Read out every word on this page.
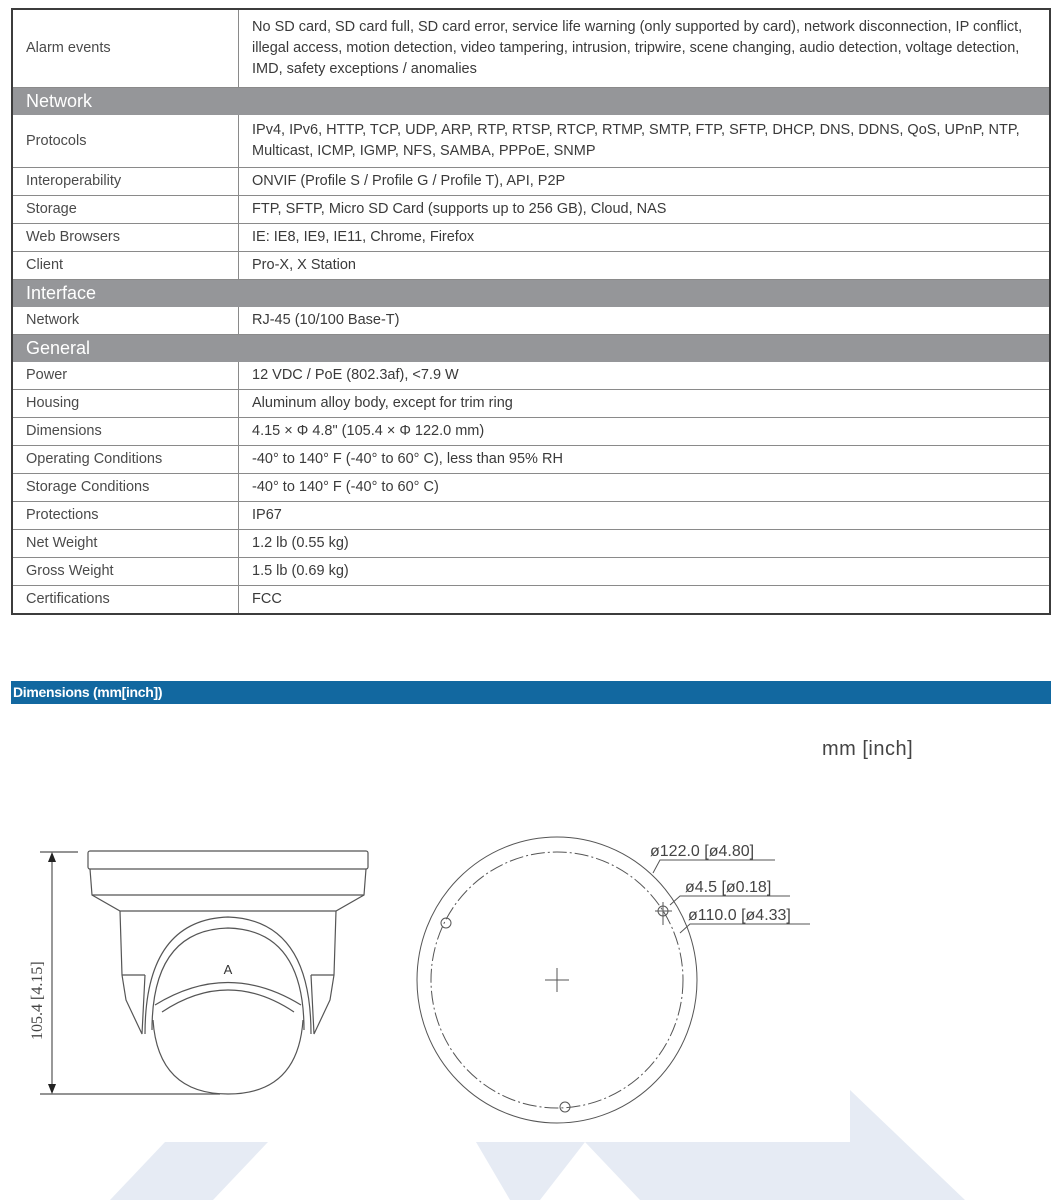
Alarm events	No SD card, SD card full, SD card error, service life warning (only supported by card), network disconnection, IP conflict, illegal access, motion detection, video tampering, intrusion, tripwire, scene changing, audio detection, voltage detection, IMD, safety exceptions / anomalies
Network	
Protocols	IPv4, IPv6, HTTP, TCP, UDP, ARP, RTP, RTSP, RTCP, RTMP, SMTP, FTP, SFTP, DHCP, DNS, DDNS, QoS, UPnP, NTP, Multicast, ICMP, IGMP, NFS, SAMBA, PPPoE, SNMP
Interoperability	ONVIF (Profile S / Profile G / Profile T), API, P2P
Storage	FTP, SFTP, Micro SD Card (supports up to 256 GB), Cloud, NAS
Web Browsers	IE: IE8, IE9, IE11, Chrome, Firefox
Client	Pro-X, X Station
Interface	
Network	RJ-45 (10/100 Base-T)
General	
Power	12 VDC / PoE (802.3af), <7.9 W
Housing	Aluminum alloy body, except for trim ring
Dimensions	4.15 × Φ 4.8" (105.4 × Φ 122.0 mm)
Operating Conditions	-40° to 140° F (-40° to 60° C), less than 95% RH
Storage Conditions	-40° to 140° F (-40° to 60° C)
Protections	IP67
Net Weight	1.2 lb (0.55 kg)
Gross Weight	1.5 lb (0.69 kg)
Certifications	FCC
Dimensions (mm[inch])
mm [inch]
A
105.4 [4.15]
ø122.0 [ø4.80]
ø4.5 [ø0.18]
ø110.0 [ø4.33]
